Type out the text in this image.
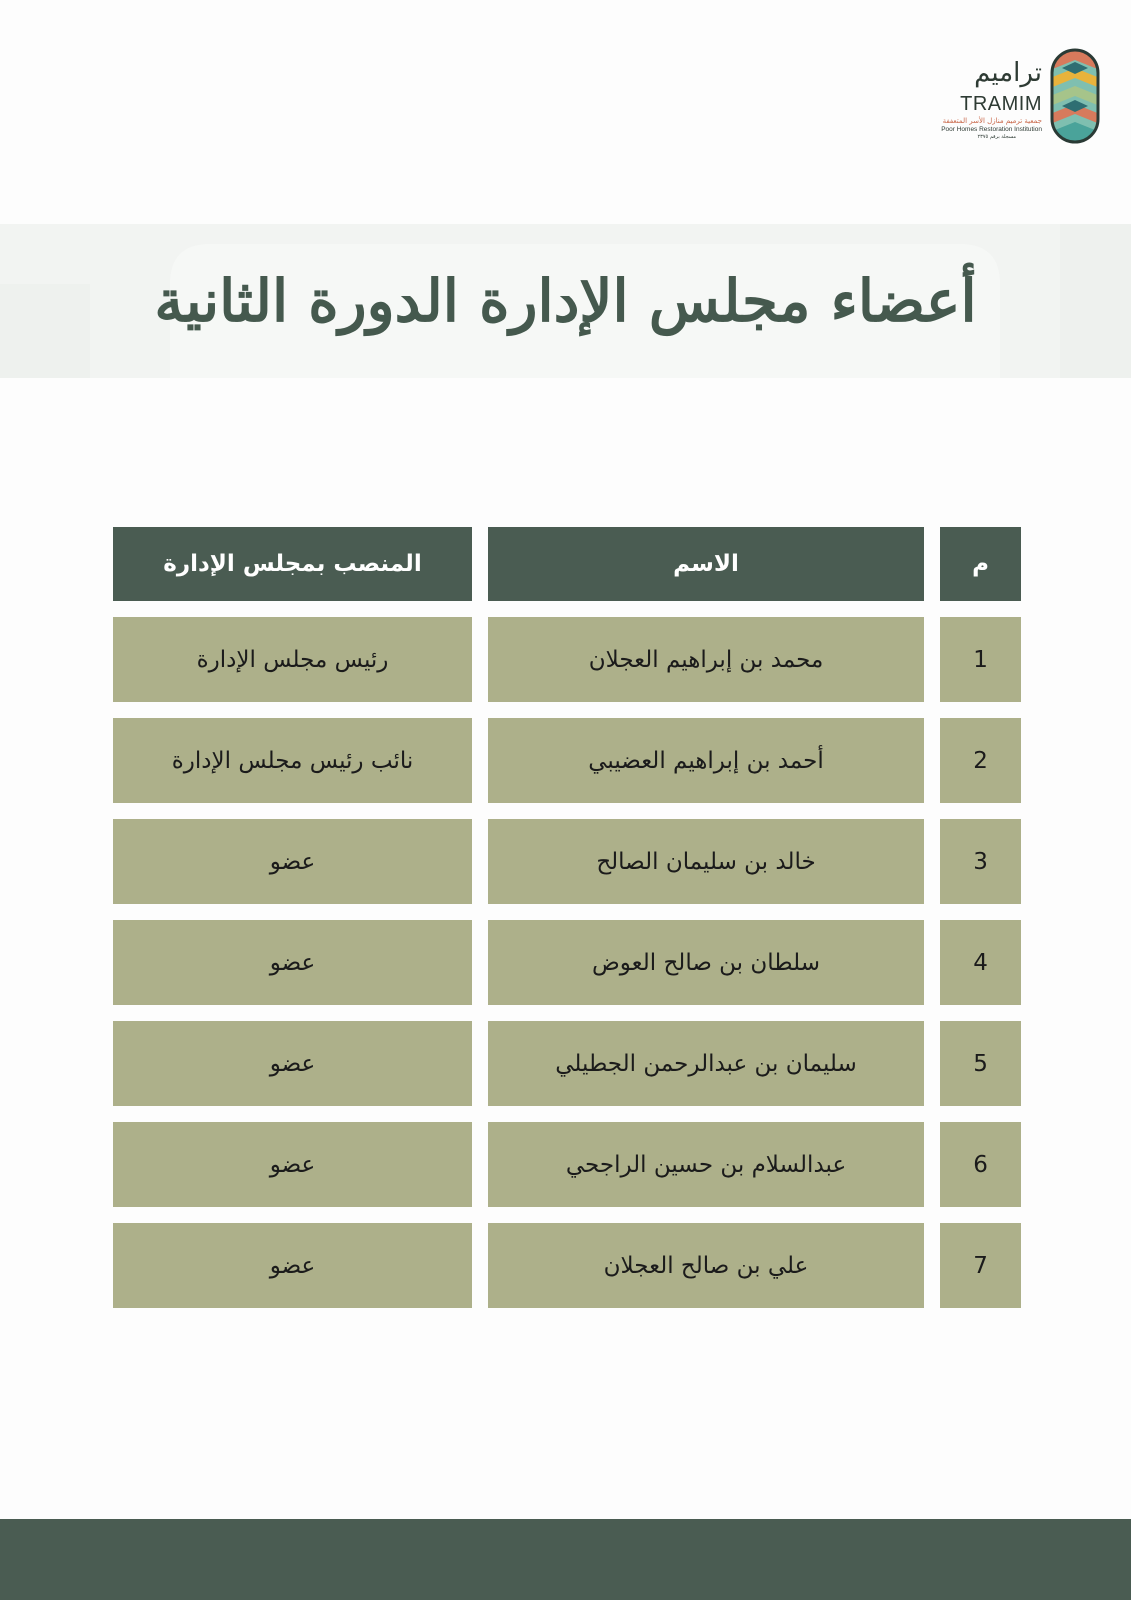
ترام‍يم
TRAMIM
جمعية ترميم منازل الأسر المتعففة
Poor Homes Restoration Institution
مسجلة برقم ٢٣٧٥
أعضاء مجلس الإدارة الدورة الثانية
م
الاسم
المنصب بمجلس الإدارة
1
محمد بن إبراهيم العجلان
رئيس مجلس الإدارة
2
أحمد بن إبراهيم العضيبي
نائب رئيس مجلس الإدارة
3
خالد بن سليمان الصالح
عضو
4
سلطان بن صالح العوض
عضو
5
سليمان بن عبدالرحمن الجطيلي
عضو
6
عبدالسلام بن حسين الراجحي
عضو
7
علي بن صالح العجلان
عضو
